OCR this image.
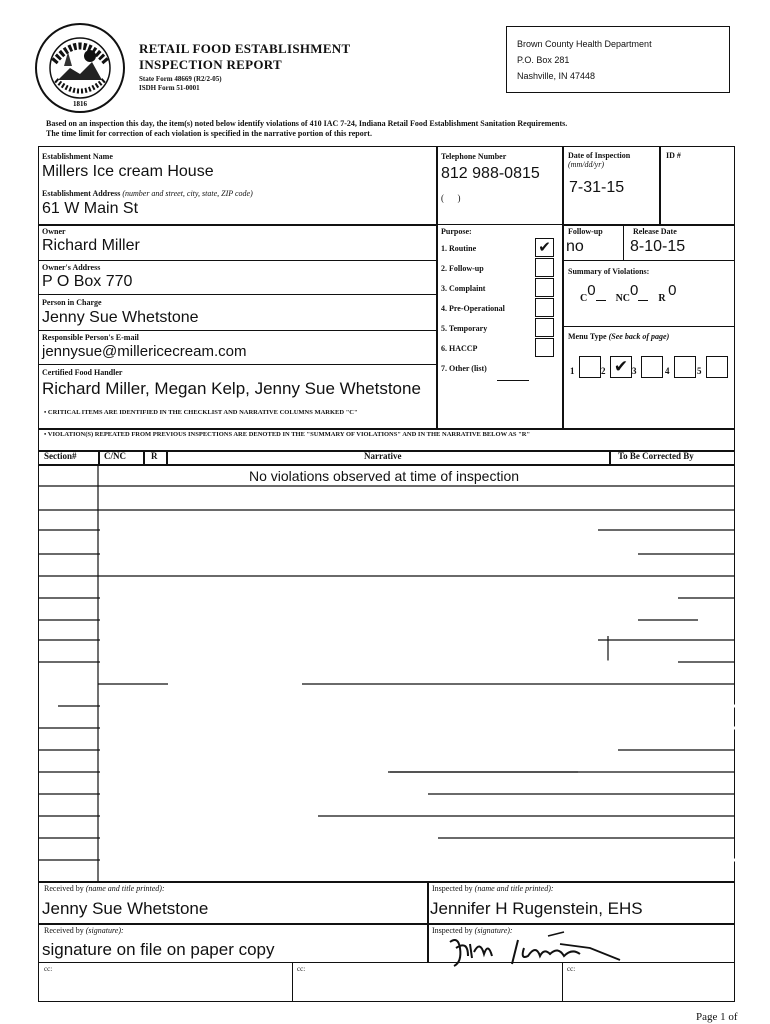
1816
RETAIL FOOD ESTABLISHMENT
INSPECTION REPORT
State Form 48669 (R2/2-05)
ISDH Form 51-0001
Brown County Health Department
P.O. Box 281
Nashville, IN 47448
Based on an inspection this day, the item(s) noted below identify violations of 410 IAC 7-24, Indiana Retail Food Establishment Sanitation Requirements.
The time limit for correction of each violation is specified in the narrative portion of this report.
Establishment Name
Millers Ice cream House
Establishment Address (number and street, city, state, ZIP code)
61 W Main St
Owner
Richard Miller
Owner's Address
P O Box 770
Person in Charge
Jenny Sue Whetstone
Responsible Person's E-mail
jennysue@millericecream.com
Certified Food Handler
Richard Miller, Megan Kelp, Jenny Sue Whetstone
Telephone Number
812 988-0815
(      )
Purpose:
1. Routine	✔
2. Follow-up
3. Complaint
4. Pre-Operational
5. Temporary
6. HACCP
7. Other (list)
Date of Inspection
(mm/dd/yr)
7-31-15
ID #
Follow-up
no
Release Date
8-10-15
Summary of Violations:
C0 NC0 R 0
Menu Type (See back of page)
1	2 ✔ 3	4	5
• CRITICAL ITEMS ARE IDENTIFIED IN THE CHECKLIST AND NARRATIVE COLUMNS MARKED "C"
• VIOLATION(S) REPEATED FROM PREVIOUS INSPECTIONS ARE DENOTED IN THE "SUMMARY OF VIOLATIONS" AND IN THE NARRATIVE BELOW AS "R"
Section#	C/NC	R	Narrative	To Be Corrected By
No violations observed at time of inspection
Received by (name and title printed):
Jenny Sue Whetstone
Inspected by (name and title printed):
Jennifer H Rugenstein, EHS
Received by (signature):
signature on file on paper copy
Inspected by (signature):
cc:	cc:	cc:
Page 1 of
